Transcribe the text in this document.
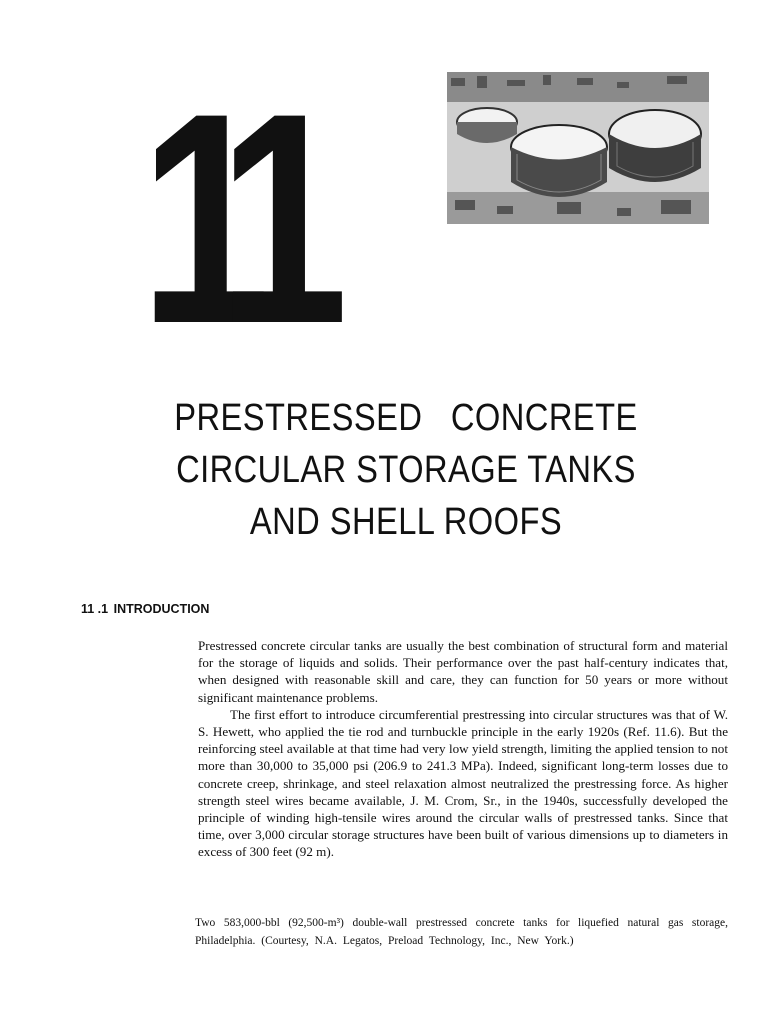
11
PRESTRESSED   CONCRETE
CIRCULAR STORAGE TANKS
AND SHELL ROOFS
11 .1 INTRODUCTION

Prestressed concrete circular tanks are usually the best combination of structural form and material for the storage of liquids and solids. Their performance over the past half-century indicates that, when designed with reasonable skill and care, they can function for 50 years or more without significant maintenance problems.

The first effort to introduce circumferential prestressing into circular structures was that of W. S. Hewett, who applied the tie rod and turnbuckle principle in the early 1920s (Ref. 11.6). But the reinforcing steel available at that time had very low yield strength, limiting the applied tension to not more than 30,000 to 35,000 psi (206.9 to 241.3 MPa). Indeed, significant long-term losses due to concrete creep, shrinkage, and steel relaxation almost neutralized the prestressing force. As higher strength steel wires became available, J. M. Crom, Sr., in the 1940s, successfully developed the principle of winding high-tensile wires around the circular walls of prestressed tanks. Since that time, over 3,000 circular storage structures have been built of various dimensions up to diameters in excess of 300 feet (92 m).

Two 583,000-bbl (92,500-m³) double-wall prestressed concrete tanks for liquefied natural gas storage, Philadelphia. (Courtesy, N.A. Legatos, Preload Technology, Inc., New York.)
